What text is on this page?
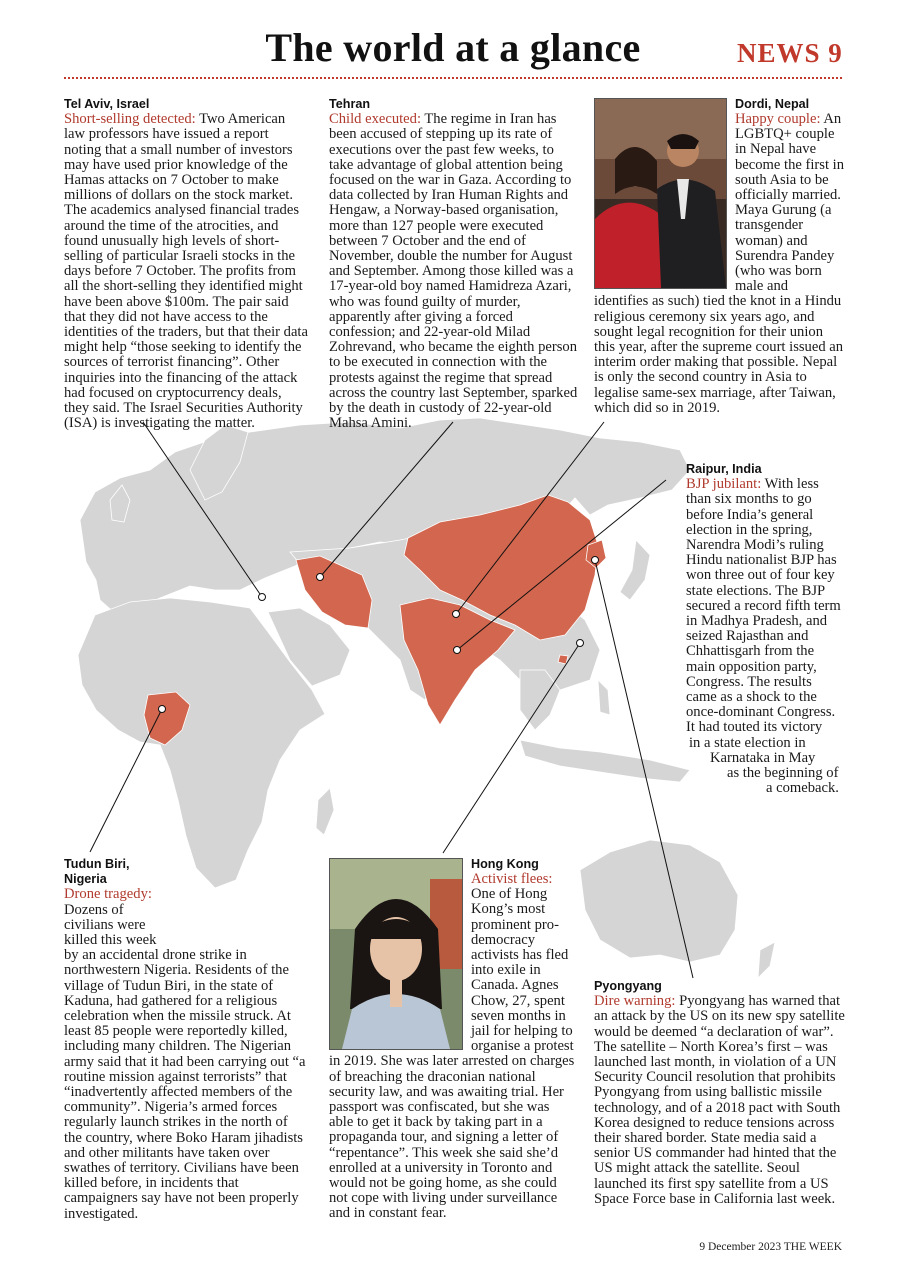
The world at a glance	NEWS 9
Tel Aviv, Israel

Short-selling detected: Two American law professors have issued a report noting that a small number of investors may have used prior knowledge of the Hamas attacks on 7 October to make millions of dollars on the stock market. The academics analysed financial trades around the time of the atrocities, and found unusually high levels of short-selling of particular Israeli stocks in the days before 7 October. The profits from all the short-selling they identified might have been above $100m. The pair said that they did not have access to the identities of the traders, but that their data might help “those seeking to identify the sources of terrorist financing”. Other inquiries into the financing of the attack had focused on cryptocurrency deals, they said. The Israel Securities Authority (ISA) is investigating the matter.

Tehran

Child executed: The regime in Iran has been accused of stepping up its rate of executions over the past few weeks, to take advantage of global attention being focused on the war in Gaza. According to data collected by Iran Human Rights and Hengaw, a Norway-based organisation, more than 127 people were executed between 7 October and the end of November, double the number for August and September. Among those killed was a 17-year-old boy named Hamidreza Azari, who was found guilty of murder, apparently after giving a forced confession; and 22-year-old Milad Zohrevand, who became the eighth person to be executed in connection with the protests against the regime that spread across the country last September, sparked by the death in custody of 22-year-old Mahsa Amini.

Dordi, Nepal

Happy couple: An LGBTQ+ couple in Nepal have become the first in south Asia to be officially married. Maya Gurung (a transgender woman) and Surendra Pandey (who was born male and identifies as such) tied the knot in a Hindu religious ceremony six years ago, and sought legal recognition for their union this year, after the supreme court issued an interim order making that possible. Nepal is only the second country in Asia to legalise same-sex marriage, after Taiwan, which did so in 2019.

Raipur, India
BJP jubilant: With less
than six months to go
before India’s general
election in the spring,
Narendra Modi’s ruling
Hindu nationalist BJP has
won three out of four key
state elections. The BJP
secured a record fifth term
in Madhya Pradesh, and
seized Rajasthan and
Chhattisgarh from the
main opposition party,
Congress. The results
came as a shock to the
once-dominant Congress.
It had touted its victory
in a state election in
Karnataka in May
as the beginning of
a comeback.
Tudun Biri, Nigeria

Drone tragedy: Dozens of civilians were killed this week by an accidental drone strike in northwestern Nigeria. Residents of the village of Tudun Biri, in the state of Kaduna, had gathered for a religious celebration when the missile struck. At least 85 people were reportedly killed, including many children. The Nigerian army said that it had been carrying out “a routine mission against terrorists” that “inadvertently affected members of the community”. Nigeria’s armed forces regularly launch strikes in the north of the country, where Boko Haram jihadists and other militants have taken over swathes of territory. Civilians have been killed before, in incidents that campaigners say have not been properly investigated.

Hong Kong

Activist flees: One of Hong Kong’s most prominent pro-democracy activists has fled into exile in Canada. Agnes Chow, 27, spent seven months in jail for helping to organise a protest in 2019. She was later arrested on charges of breaching the draconian national security law, and was awaiting trial. Her passport was confiscated, but she was able to get it back by taking part in a propaganda tour, and signing a letter of “repentance”. This week she said she’d enrolled at a university in Toronto and would not be going home, as she could not cope with living under surveillance and in constant fear.

Pyongyang

Dire warning: Pyongyang has warned that an attack by the US on its new spy satellite would be deemed “a declaration of war”. The satellite – North Korea’s first – was launched last month, in violation of a UN Security Council resolution that prohibits Pyongyang from using ballistic missile technology, and of a 2018 pact with South Korea designed to reduce tensions across their shared border. State media said a senior US commander had hinted that the US might attack the satellite. Seoul launched its first spy satellite from a US Space Force base in California last week.

9 December 2023 THE WEEK
